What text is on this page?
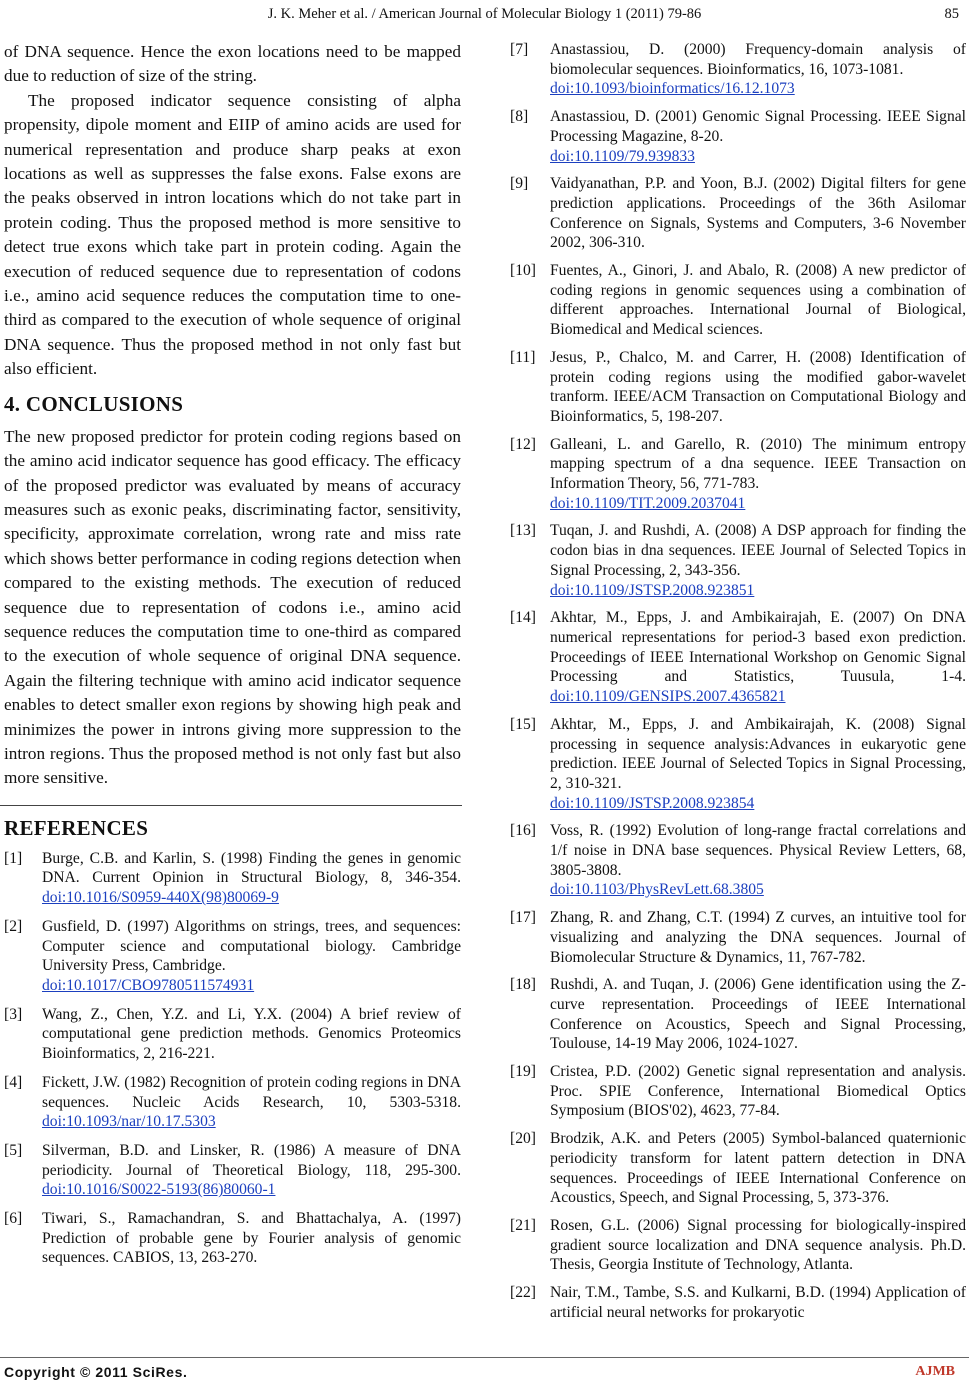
J. K. Meher et al. / American Journal of Molecular Biology 1 (2011) 79-86	85

of DNA sequence. Hence the exon locations need to be mapped due to reduction of size of the string.

The proposed indicator sequence consisting of alpha propensity, dipole moment and EIIP of amino acids are used for numerical representation and produce sharp peaks at exon locations as well as suppresses the false exons. False exons are the peaks observed in intron locations which do not take part in protein coding. Thus the proposed method is more sensitive to detect true exons which take part in protein coding. Again the execution of reduced sequence due to representation of codons i.e., amino acid sequence reduces the computation time to one-third as compared to the execution of whole sequence of original DNA sequence. Thus the proposed method in not only fast but also efficient.

4. CONCLUSIONS

The new proposed predictor for protein coding regions based on the amino acid indicator sequence has good efficacy. The efficacy of the proposed predictor was evaluated by means of accuracy measures such as exonic peaks, discriminating factor, sensitivity, specificity, approximate correlation, wrong rate and miss rate which shows better performance in coding regions detection when compared to the existing methods. The execution of reduced sequence due to representation of codons i.e., amino acid sequence reduces the computation time to one-third as compared to the execution of whole sequence of original DNA sequence. Again the filtering technique with amino acid indicator sequence enables to detect smaller exon regions by showing high peak and minimizes the power in introns giving more suppression to the intron regions. Thus the proposed method is not only fast but also more sensitive.

REFERENCES
[1] Burge, C.B. and Karlin, S. (1998) Finding the genes in genomic DNA. Current Opinion in Structural Biology, 8, 346-354. doi:10.1016/S0959-440X(98)80069-9
[2] Gusfield, D. (1997) Algorithms on strings, trees, and sequences: Computer science and computational biology. Cambridge University Press, Cambridge.
doi:10.1017/CBO9780511574931
[3] Wang, Z., Chen, Y.Z. and Li, Y.X. (2004) A brief review of computational gene prediction methods. Genomics Proteomics Bioinformatics, 2, 216-221.
[4] Fickett, J.W. (1982) Recognition of protein coding regions in DNA sequences. Nucleic Acids Research, 10, 5303-5318. doi:10.1093/nar/10.17.5303
[5] Silverman, B.D. and Linsker, R. (1986) A measure of DNA periodicity. Journal of Theoretical Biology, 118, 295-300. doi:10.1016/S0022-5193(86)80060-1
[6] Tiwari, S., Ramachandran, S. and Bhattachalya, A. (1997) Prediction of probable gene by Fourier analysis of genomic sequences. CABIOS, 13, 263-270.
[7] Anastassiou, D. (2000) Frequency-domain analysis of biomolecular sequences. Bioinformatics, 16, 1073-1081.
doi:10.1093/bioinformatics/16.12.1073
[8] Anastassiou, D. (2001) Genomic Signal Processing. IEEE Signal Processing Magazine, 8-20.
doi:10.1109/79.939833
[9] Vaidyanathan, P.P. and Yoon, B.J. (2002) Digital filters for gene prediction applications. Proceedings of the 36th Asilomar Conference on Signals, Systems and Computers, 3-6 November 2002, 306-310.
[10] Fuentes, A., Ginori, J. and Abalo, R. (2008) A new predictor of coding regions in genomic sequences using a combination of different approaches. International Journal of Biological, Biomedical and Medical sciences.
[11] Jesus, P., Chalco, M. and Carrer, H. (2008) Identification of protein coding regions using the modified gabor-wavelet tranform. IEEE/ACM Transaction on Computational Biology and Bioinformatics, 5, 198-207.
[12] Galleani, L. and Garello, R. (2010) The minimum entropy mapping spectrum of a dna sequence. IEEE Transaction on Information Theory, 56, 771-783.
doi:10.1109/TIT.2009.2037041
[13] Tuqan, J. and Rushdi, A. (2008) A DSP approach for finding the codon bias in dna sequences. IEEE Journal of Selected Topics in Signal Processing, 2, 343-356.
doi:10.1109/JSTSP.2008.923851
[14] Akhtar, M., Epps, J. and Ambikairajah, E. (2007) On DNA numerical representations for period-3 based exon prediction. Proceedings of IEEE International Workshop on Genomic Signal Processing and Statistics, Tuusula, 1-4. doi:10.1109/GENSIPS.2007.4365821
[15] Akhtar, M., Epps, J. and Ambikairajah, K. (2008) Signal processing in sequence analysis:Advances in eukaryotic gene prediction. IEEE Journal of Selected Topics in Signal Processing, 2, 310-321.
doi:10.1109/JSTSP.2008.923854
[16] Voss, R. (1992) Evolution of long-range fractal correlations and 1/f noise in DNA base sequences. Physical Review Letters, 68, 3805-3808.
doi:10.1103/PhysRevLett.68.3805
[17] Zhang, R. and Zhang, C.T. (1994) Z curves, an intuitive tool for visualizing and analyzing the DNA sequences. Journal of Biomolecular Structure & Dynamics, 11, 767-782.
[18] Rushdi, A. and Tuqan, J. (2006) Gene identification using the Z-curve representation. Proceedings of IEEE International Conference on Acoustics, Speech and Signal Processing, Toulouse, 14-19 May 2006, 1024-1027.
[19] Cristea, P.D. (2002) Genetic signal representation and analysis. Proc. SPIE Conference, International Biomedical Optics Symposium (BIOS'02), 4623, 77-84.
[20] Brodzik, A.K. and Peters (2005) Symbol-balanced quaternionic periodicity transform for latent pattern detection in DNA sequences. Proceedings of IEEE International Conference on Acoustics, Speech, and Signal Processing, 5, 373-376.
[21] Rosen, G.L. (2006) Signal processing for biologically-inspired gradient source localization and DNA sequence analysis. Ph.D. Thesis, Georgia Institute of Technology, Atlanta.
[22] Nair, T.M., Tambe, S.S. and Kulkarni, B.D. (1994) Application of artificial neural networks for prokaryotic
Copyright © 2011 SciRes.	AJMB
